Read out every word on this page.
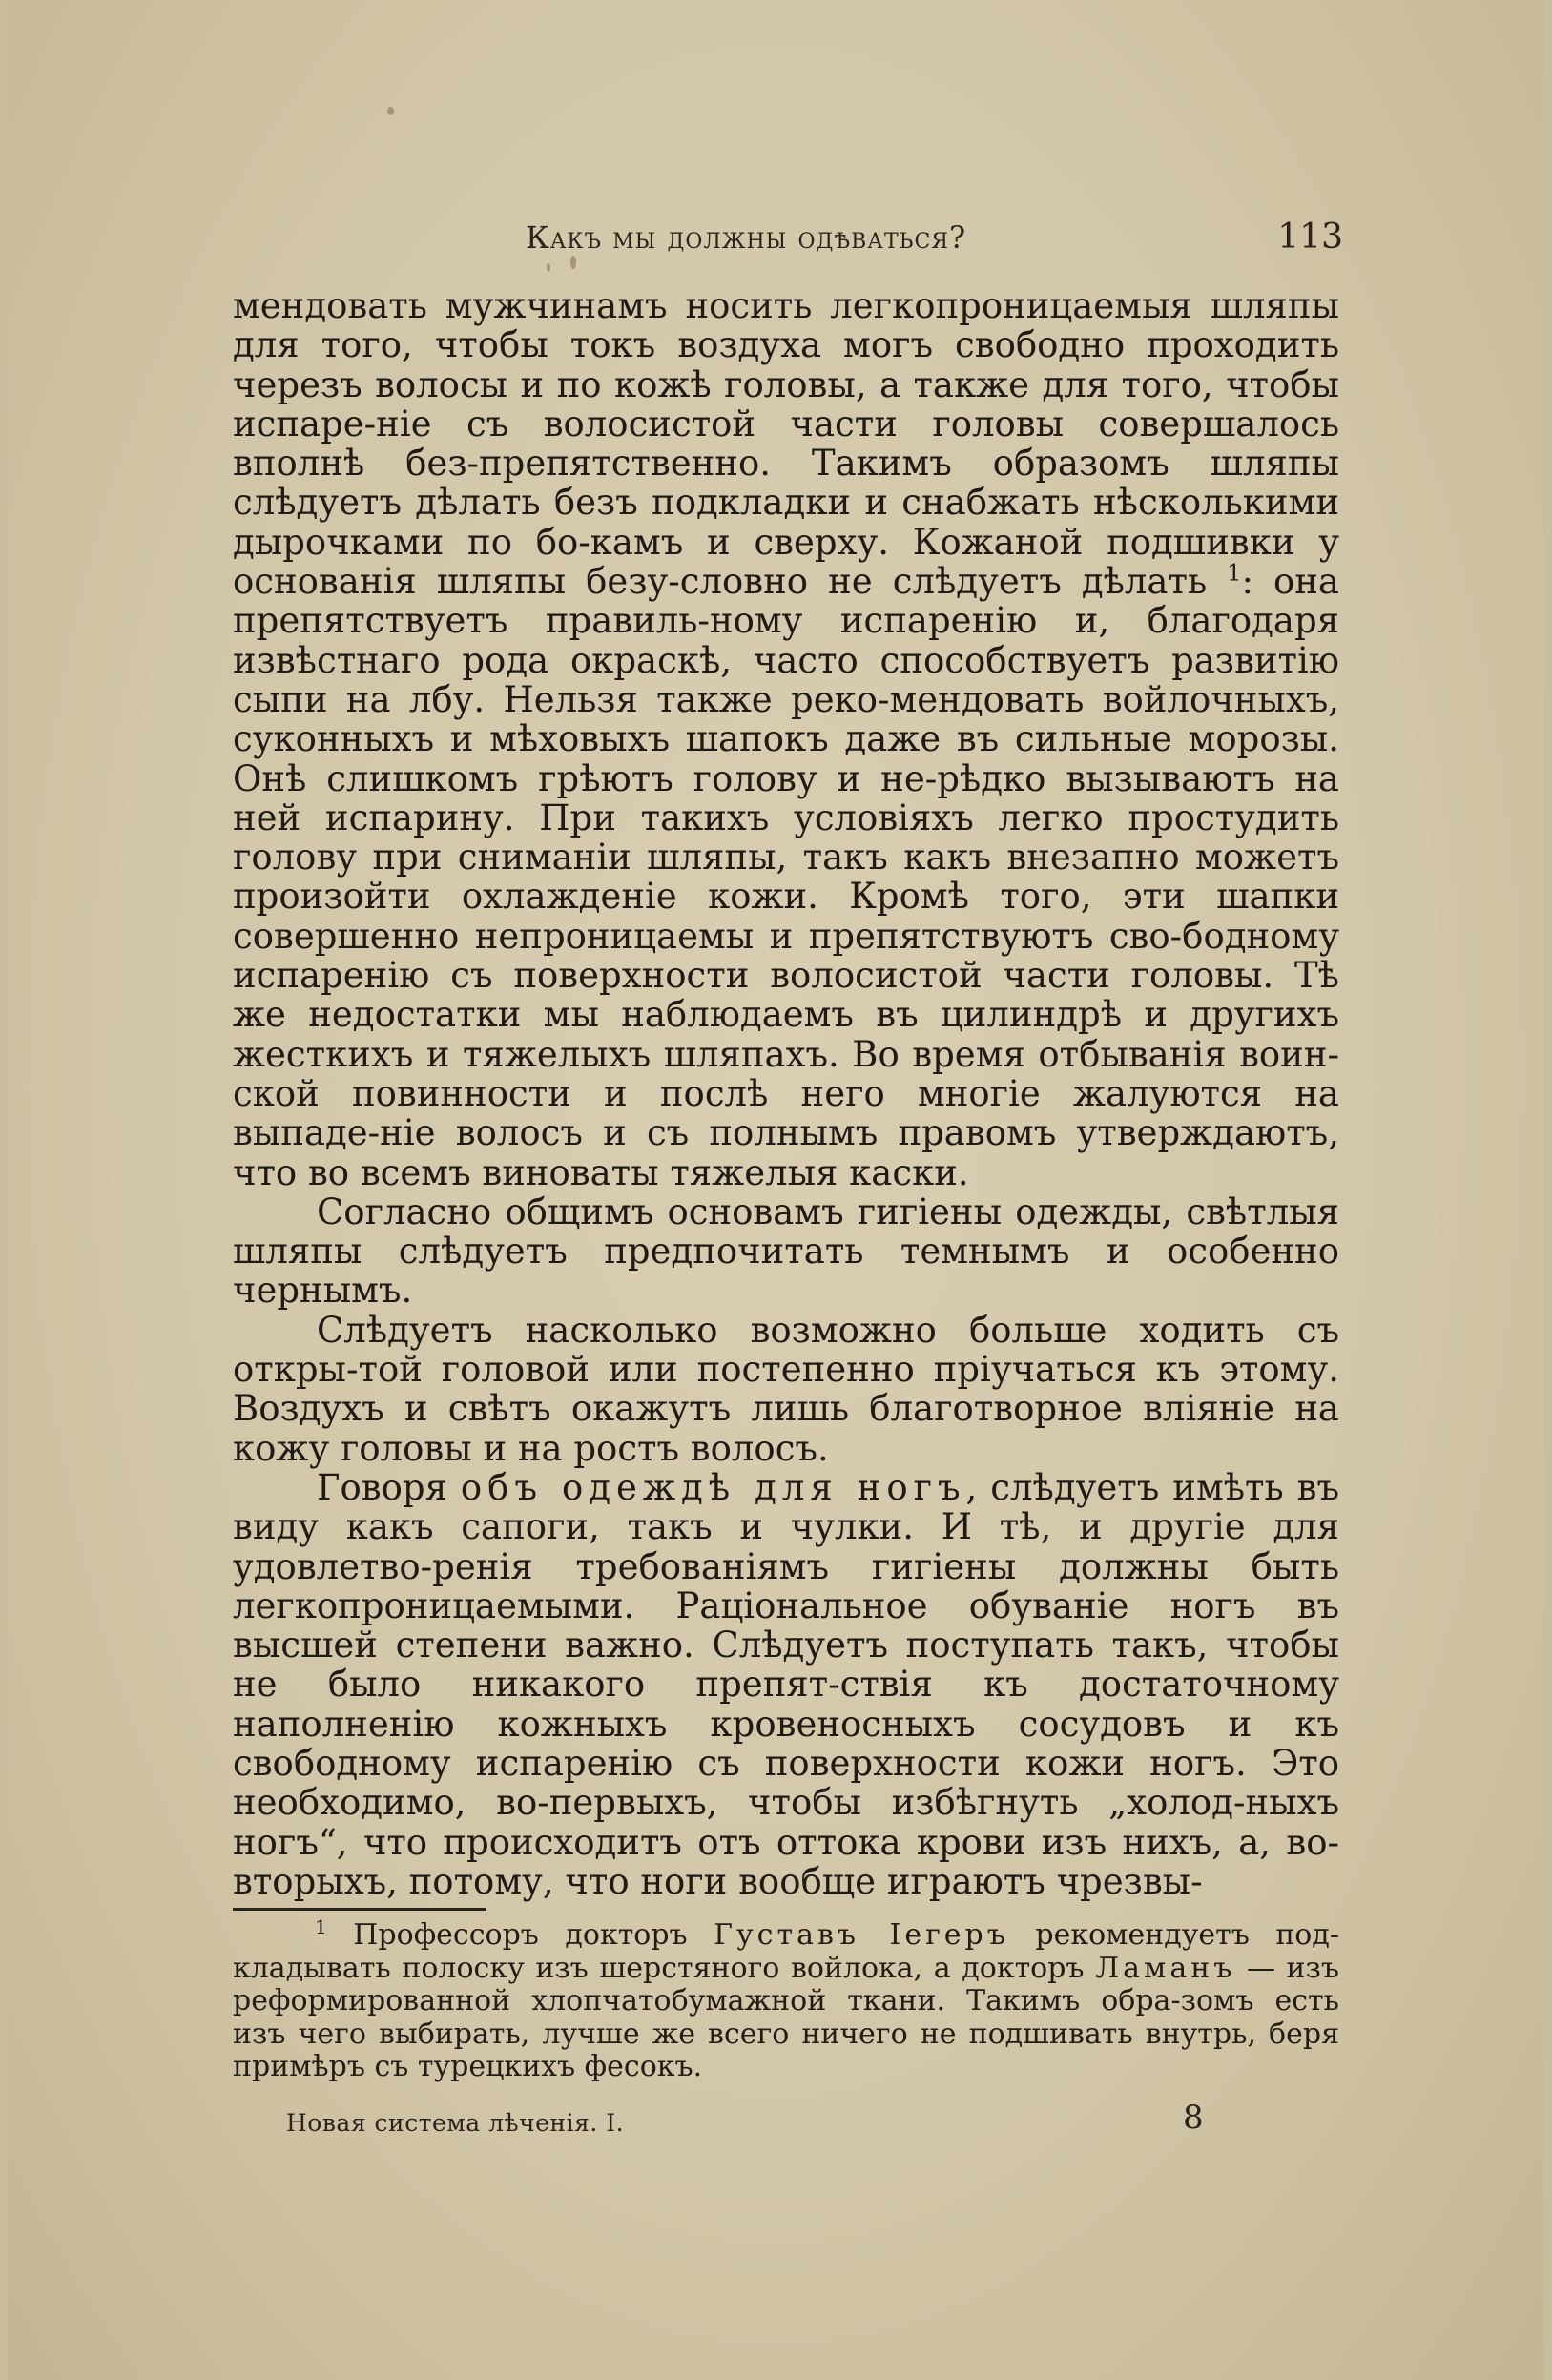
Какъ мы должны одѣваться?	113

мендовать мужчинамъ носить легкопроницаемыя шляпы для того, чтобы токъ воздуха могъ свободно проходить черезъ волосы и по кожѣ головы, а также для того, чтобы испаре-ніе съ волосистой части головы совершалось вполнѣ без-препятственно. Такимъ образомъ шляпы слѣдуетъ дѣлать безъ подкладки и снабжать нѣсколькими дырочками по бо-камъ и сверху. Кожаной подшивки у основанія шляпы безу-словно не слѣдуетъ дѣлать $^1$: она препятствуетъ правиль-ному испаренію и, благодаря извѣстнаго рода окраскѣ, часто способствуетъ развитію сыпи на лбу. Нельзя также реко-мендовать войлочныхъ, суконныхъ и мѣховыхъ шапокъ даже въ сильные морозы. Онѣ слишкомъ грѣютъ голову и не-рѣдко вызываютъ на ней испарину. При такихъ условіяхъ легко простудить голову при сниманіи шляпы, такъ какъ внезапно можетъ произойти охлажденіе кожи. Кромѣ того, эти шапки совершенно непроницаемы и препятствуютъ сво-бодному испаренію съ поверхности волосистой части головы. Тѣ же недостатки мы наблюдаемъ въ цилиндрѣ и другихъ жесткихъ и тяжелыхъ шляпахъ. Во время отбыванія воин-ской повинности и послѣ него многіе жалуются на выпаде-ніе волосъ и съ полнымъ правомъ утверждаютъ, что во всемъ виноваты тяжелыя каски.

Согласно общимъ основамъ гигіены одежды, свѣтлыя шляпы слѣдуетъ предпочитать темнымъ и особенно чернымъ.

Слѣдуетъ насколько возможно больше ходить съ откры-той головой или постепенно пріучаться къ этому. Воздухъ и свѣтъ окажутъ лишь благотворное вліяніе на кожу головы и на ростъ волосъ.

Говоря объ одеждѣ для ногъ, слѣдуетъ имѣть въ виду какъ сапоги, такъ и чулки. И тѣ, и другіе для удовлетво-ренія требованіямъ гигіены должны быть легкопроницаемыми. Раціональное обуваніе ногъ въ высшей степени важно. Слѣдуетъ поступать такъ, чтобы не было никакого препят-ствія къ достаточному наполненію кожныхъ кровеносныхъ сосудовъ и къ свободному испаренію съ поверхности кожи ногъ. Это необходимо, во-первыхъ, чтобы избѣгнуть „холод-ныхъ ногъ“, что происходитъ отъ оттока крови изъ нихъ, а, во-вторыхъ, потому, что ноги вообще играютъ чрезвы-

$^1$ Профессоръ докторъ Густавъ Іегеръ рекомендуетъ под-кладывать полоску изъ шерстяного войлока, а докторъ Ламанъ — изъ реформированной хлопчатобумажной ткани. Такимъ обра-зомъ есть изъ чего выбирать, лучше же всего ничего не подшивать внутрь, беря примѣръ съ турецкихъ фесокъ.

Новая система лѣченія. I.	8
